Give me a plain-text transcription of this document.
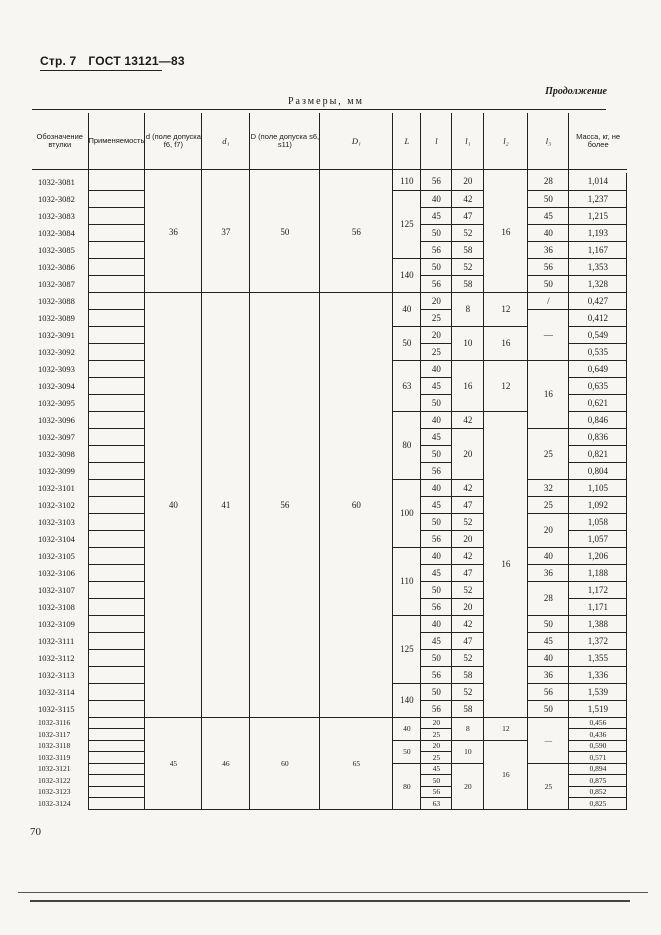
Стр. 7 ГОСТ 13121—83
Продолжение
Размеры, мм
Обозначение втулки	Применяемость	d (поле допуска f6, f7)	d₁	D (поле допуска s6, s11)	D₁	L	l	l₁	l₂	l₃	Масса, кг, не более

1032-3081		36	37	50	56	110	56	20	16	28	1,014
1032-3082						125	40	42		50	1,237
1032-3083							45	47		45	1,215
1032-3084							50	52		40	1,193
1032-3085							56	58		36	1,167
1032-3086						140	50	52		56	1,353
1032-3087							56	58		50	1,328
1032-3088		40	41	56	60	40	20	8	12	/	0,427
1032-3089							25			—	0,412
1032-3091						50	20	10	16		0,549
1032-3092							25				0,535
1032-3093						63	40	16	12	16	0,649
1032-3094							45				0,635
1032-3095							50				0,621
1032-3096						80	40	42	16		0,846
1032-3097							45	20		25	0,836
1032-3098							50				0,821
1032-3099							56				0,804
1032-3101						100	40	42		32	1,105
1032-3102							45	47		25	1,092
1032-3103							50	52		20	1,058
1032-3104							56	20			1,057
1032-3105						110	40	42		40	1,206
1032-3106							45	47		36	1,188
1032-3107							50	52		28	1,172
1032-3108							56	20			1,171
1032-3109						125	40	42		50	1,388
1032-3111							45	47		45	1,372
1032-3112							50	52		40	1,355
1032-3113							56	58		36	1,336
1032-3114						140	50	52		56	1,539
1032-3115							56	58		50	1,519
1032-3116		45	46	60	65	40	20	8	12	—	0,456
1032-3117							25				0,436
1032-3118						50	20	10	16		0,590
1032-3119							25				0,571
1032-3121						80	45	20		25	0,894
1032-3122							50				0,875
1032-3123							56				0,852
1032-3124							63				0,825
70
